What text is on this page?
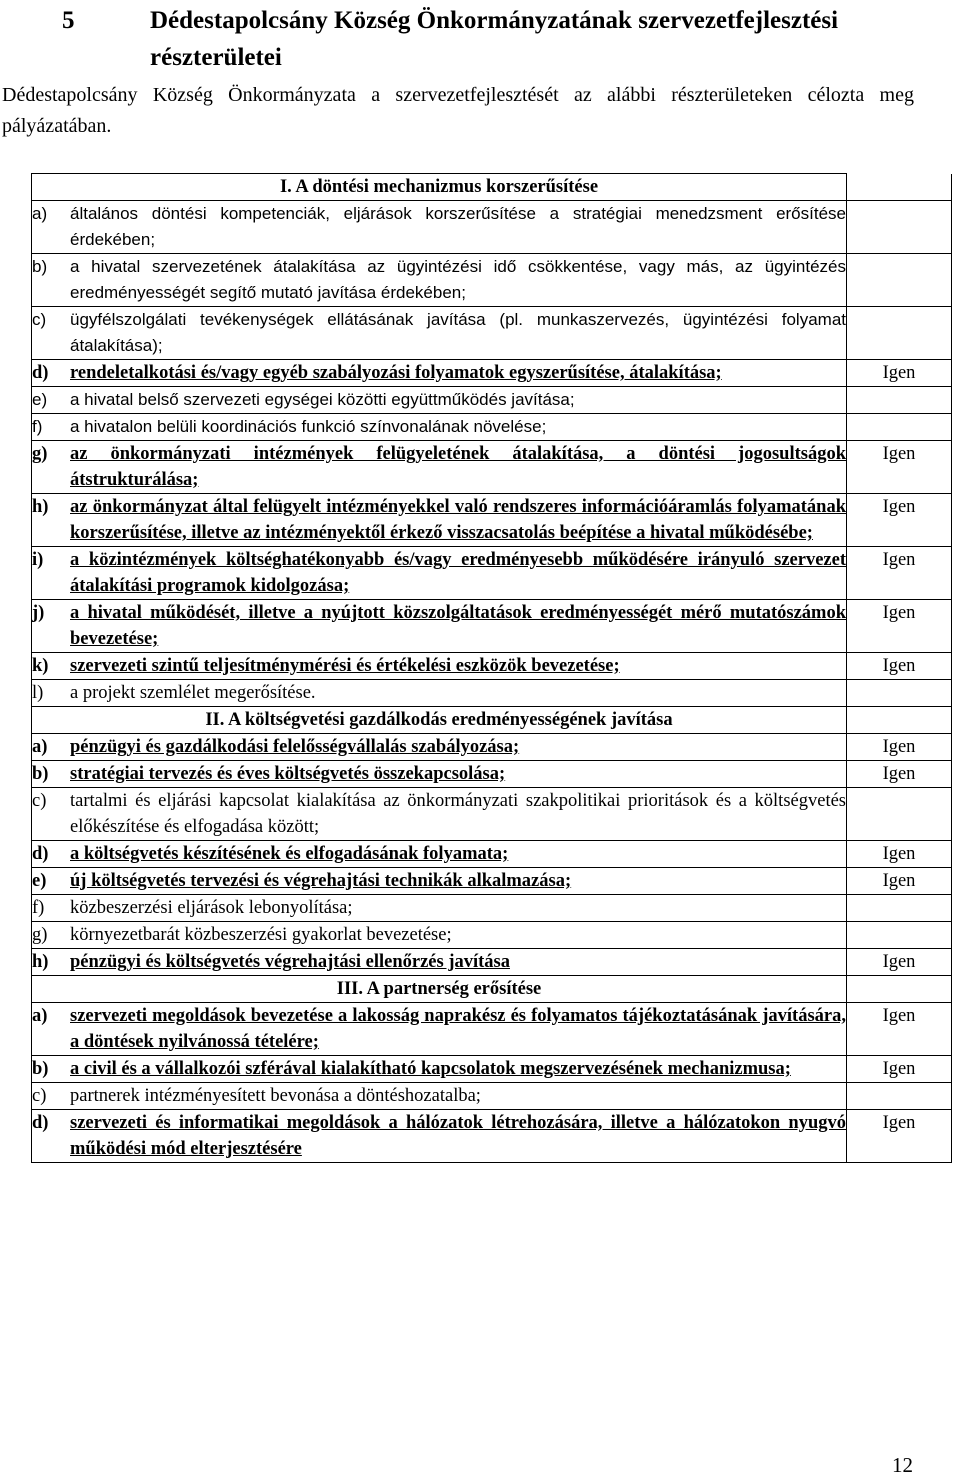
5	Dédestapolcsány Község Önkormányzatának szervezetfejlesztési részterületei
Dédestapolcsány Község Önkormányzata a szervezetfejlesztését az alábbi részterületeken célozta meg pályázatában.
I. A döntési mechanizmus korszerűsítése	

a) általános döntési kompetenciák, eljárások korszerűsítése a stratégiai menedzsment erősítése érdekében;	

b) a hivatal szervezetének átalakítása az ügyintézési idő csökkentése, vagy más, az ügyintézés eredményességét segítő mutató javítása érdekében;	

c) ügyfélszolgálati tevékenységek ellátásának javítása (pl. munkaszervezés, ügyintézési folyamat átalakítása);	

d) rendeletalkotási és/vagy egyéb szabályozási folyamatok egyszerűsítése, átalakítása;	Igen

e) a hivatal belső szervezeti egységei közötti együttműködés javítása;	

f) a hivatalon belüli koordinációs funkció színvonalának növelése;	

g) az önkormányzati intézmények felügyeletének átalakítása, a döntési jogosultságok átstrukturálása;	Igen

h) az önkormányzat által felügyelt intézményekkel való rendszeres információáramlás folyamatának korszerűsítése, illetve az intézményektől érkező visszacsatolás beépítése a hivatal működésébe;	Igen

i) a közintézmények költséghatékonyabb és/vagy eredményesebb működésére irányuló szervezet átalakítási programok kidolgozása;	Igen

j) a hivatal működését, illetve a nyújtott közszolgáltatások eredményességét mérő mutatószámok bevezetése;	Igen

k) szervezeti szintű teljesítménymérési és értékelési eszközök bevezetése;	Igen

l) a projekt szemlélet megerősítése.	

II. A költségvetési gazdálkodás eredményességének javítása	

a) pénzügyi és gazdálkodási felelősségvállalás szabályozása;	Igen

b) stratégiai tervezés és éves költségvetés összekapcsolása;	Igen

c) tartalmi és eljárási kapcsolat kialakítása az önkormányzati szakpolitikai prioritások és a költségvetés előkészítése és elfogadása között;	

d) a költségvetés készítésének és elfogadásának folyamata;	Igen

e) új költségvetés tervezési és végrehajtási technikák alkalmazása;	Igen

f) közbeszerzési eljárások lebonyolítása;	

g) környezetbarát közbeszerzési gyakorlat bevezetése;	

h) pénzügyi és költségvetés végrehajtási ellenőrzés javítása	Igen
III. A partnerség erősítése	

a) szervezeti megoldások bevezetése a lakosság naprakész és folyamatos tájékoztatásának javítására, a döntések nyilvánossá tételére;	Igen

b) a civil és a vállalkozói szférával kialakítható kapcsolatok megszervezésének mechanizmusa;	Igen

c) partnerek intézményesített bevonása a döntéshozatalba;	

d) szervezeti és informatikai megoldások a hálózatok létrehozására, illetve a hálózatokon nyugvó működési mód elterjesztésére	Igen
12
